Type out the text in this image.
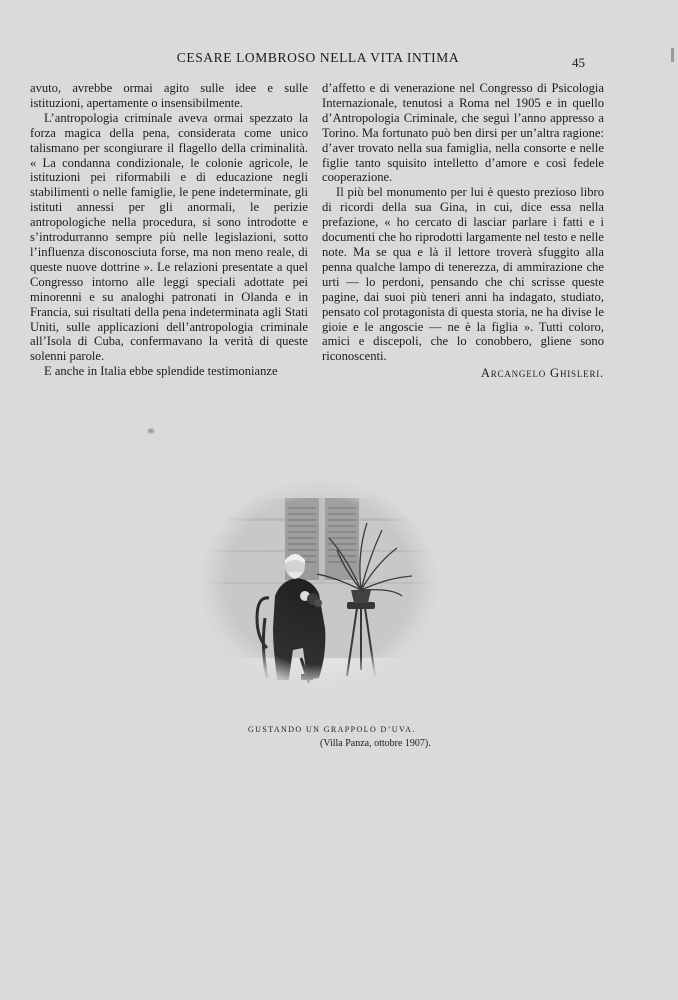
CESARE LOMBROSO NELLA VITA INTIMA	45

avuto, avrebbe ormai agito sulle idee e sulle istituzioni, apertamente o insensibilmente.

L’antropologia criminale aveva ormai spezzato la forza magica della pena, considerata come unico talismano per scongiurare il flagello della criminalità. « La condanna condizionale, le colonie agricole, le istituzioni pei riformabili e di educazione negli stabilimenti o nelle famiglie, le pene indeterminate, gli istituti annessi per gli anormali, le perizie antropologiche nella procedura, si sono introdotte e s’introdurranno sempre più nelle legislazioni, sotto l’influenza disconosciuta forse, ma non meno reale, di queste nuove dottrine ». Le relazioni presentate a quel Congresso intorno alle leggi speciali adottate pei minorenni e su analoghi patronati in Olanda e in Francia, sui risultati della pena indeterminata agli Stati Uniti, sulle applicazioni dell’antropologia criminale all’Isola di Cuba, confermavano la verità di queste solenni parole.

E anche in Italia ebbe splendide testimonianze

d’affetto e di venerazione nel Congresso di Psicologia Internazionale, tenutosi a Roma nel 1905 e in quello d’Antropologia Criminale, che seguì l’anno appresso a Torino. Ma fortunato può ben dirsi per un’altra ragione: d’aver trovato nella sua famiglia, nella consorte e nelle figlie tanto squisito intelletto d’amore e così fedele cooperazione.

Il più bel monumento per lui è questo prezioso libro di ricordi della sua Gina, in cui, dice essa nella prefazione, « ho cercato di lasciar parlare i fatti e i documenti che ho riprodotti largamente nel testo e nelle note. Ma se qua e là il lettore troverà sfuggito alla penna qualche lampo di tenerezza, di ammirazione che urti — lo perdoni, pensando che chi scrisse queste pagine, dai suoi più teneri anni ha indagato, studiato, pensato col protagonista di questa storia, ne ha divise le gioie e le angoscie — ne è la figlia ». Tutti coloro, amici e discepoli, che lo conobbero, gliene sono riconoscenti.

Arcangelo Ghisleri.

GUSTANDO UN GRAPPOLO D’UVA.
(Villa Panza, ottobre 1907).
